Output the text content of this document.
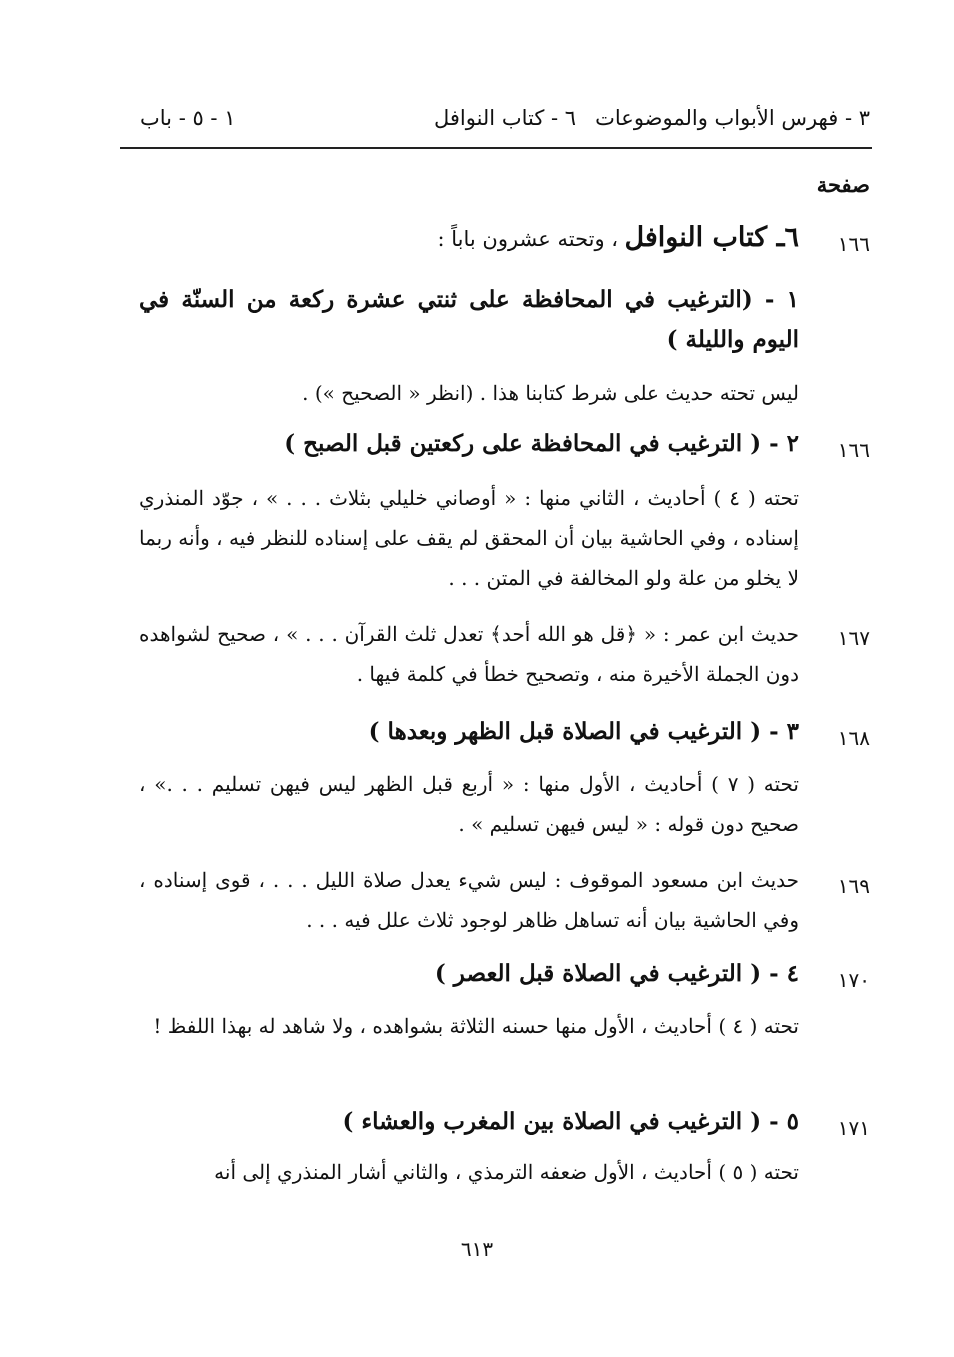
٣ - فهرس الأبواب والموضوعات
٦ - كتاب النوافل
١ - ٥ - باب
صفحة
١٦٦
٦ـ كتاب النوافل ، وتحته عشرون باباً :
١ - (الترغيب في المحافظة على ثنتي عشرة ركعة من السنّة في اليوم والليلة )
ليس تحته حديث على شرط كتابنا هذا . (انظر « الصحيح ») .
١٦٦
٢ - ( الترغيب في المحافظة على ركعتين قبل الصبح )
تحته ( ٤ ) أحاديث ، الثاني منها : « أوصاني خليلي بثلاث . . . » ، جوّد المنذري إسناده ، وفي الحاشية بيان أن المحقق لم يقف على إسناده للنظر فيه ، وأنه ربما لا يخلو من علة ولو المخالفة في المتن . . .
١٦٧
حديث ابن عمر : « ﴿قل هو الله أحد﴾ تعدل ثلث القرآن . . . » ، صحيح لشواهده دون الجملة الأخيرة منه ، وتصحيح خطأ في كلمة فيها .
١٦٨
٣ - ( الترغيب في الصلاة قبل الظهر وبعدها )
تحته ( ٧ ) أحاديث ، الأول منها : « أربع قبل الظهر ليس فيهن تسليم . . .» ، صحيح دون قوله : « ليس فيهن تسليم » .
١٦٩
حديث ابن مسعود الموقوف : ليس شيء يعدل صلاة الليل . . . ، قوى إسناده ، وفي الحاشية بيان أنه تساهل ظاهر لوجود ثلاث علل فيه . . .
١٧٠
٤ - ( الترغيب في الصلاة قبل العصر )
تحته ( ٤ ) أحاديث ، الأول منها حسنه الثلاثة بشواهده ، ولا شاهد له بهذا اللفظ !
١٧١
٥ - ( الترغيب في الصلاة بين المغرب والعشاء )
تحته ( ٥ ) أحاديث ، الأول ضعفه الترمذي ، والثاني أشار المنذري إلى أنه
٦١٣
